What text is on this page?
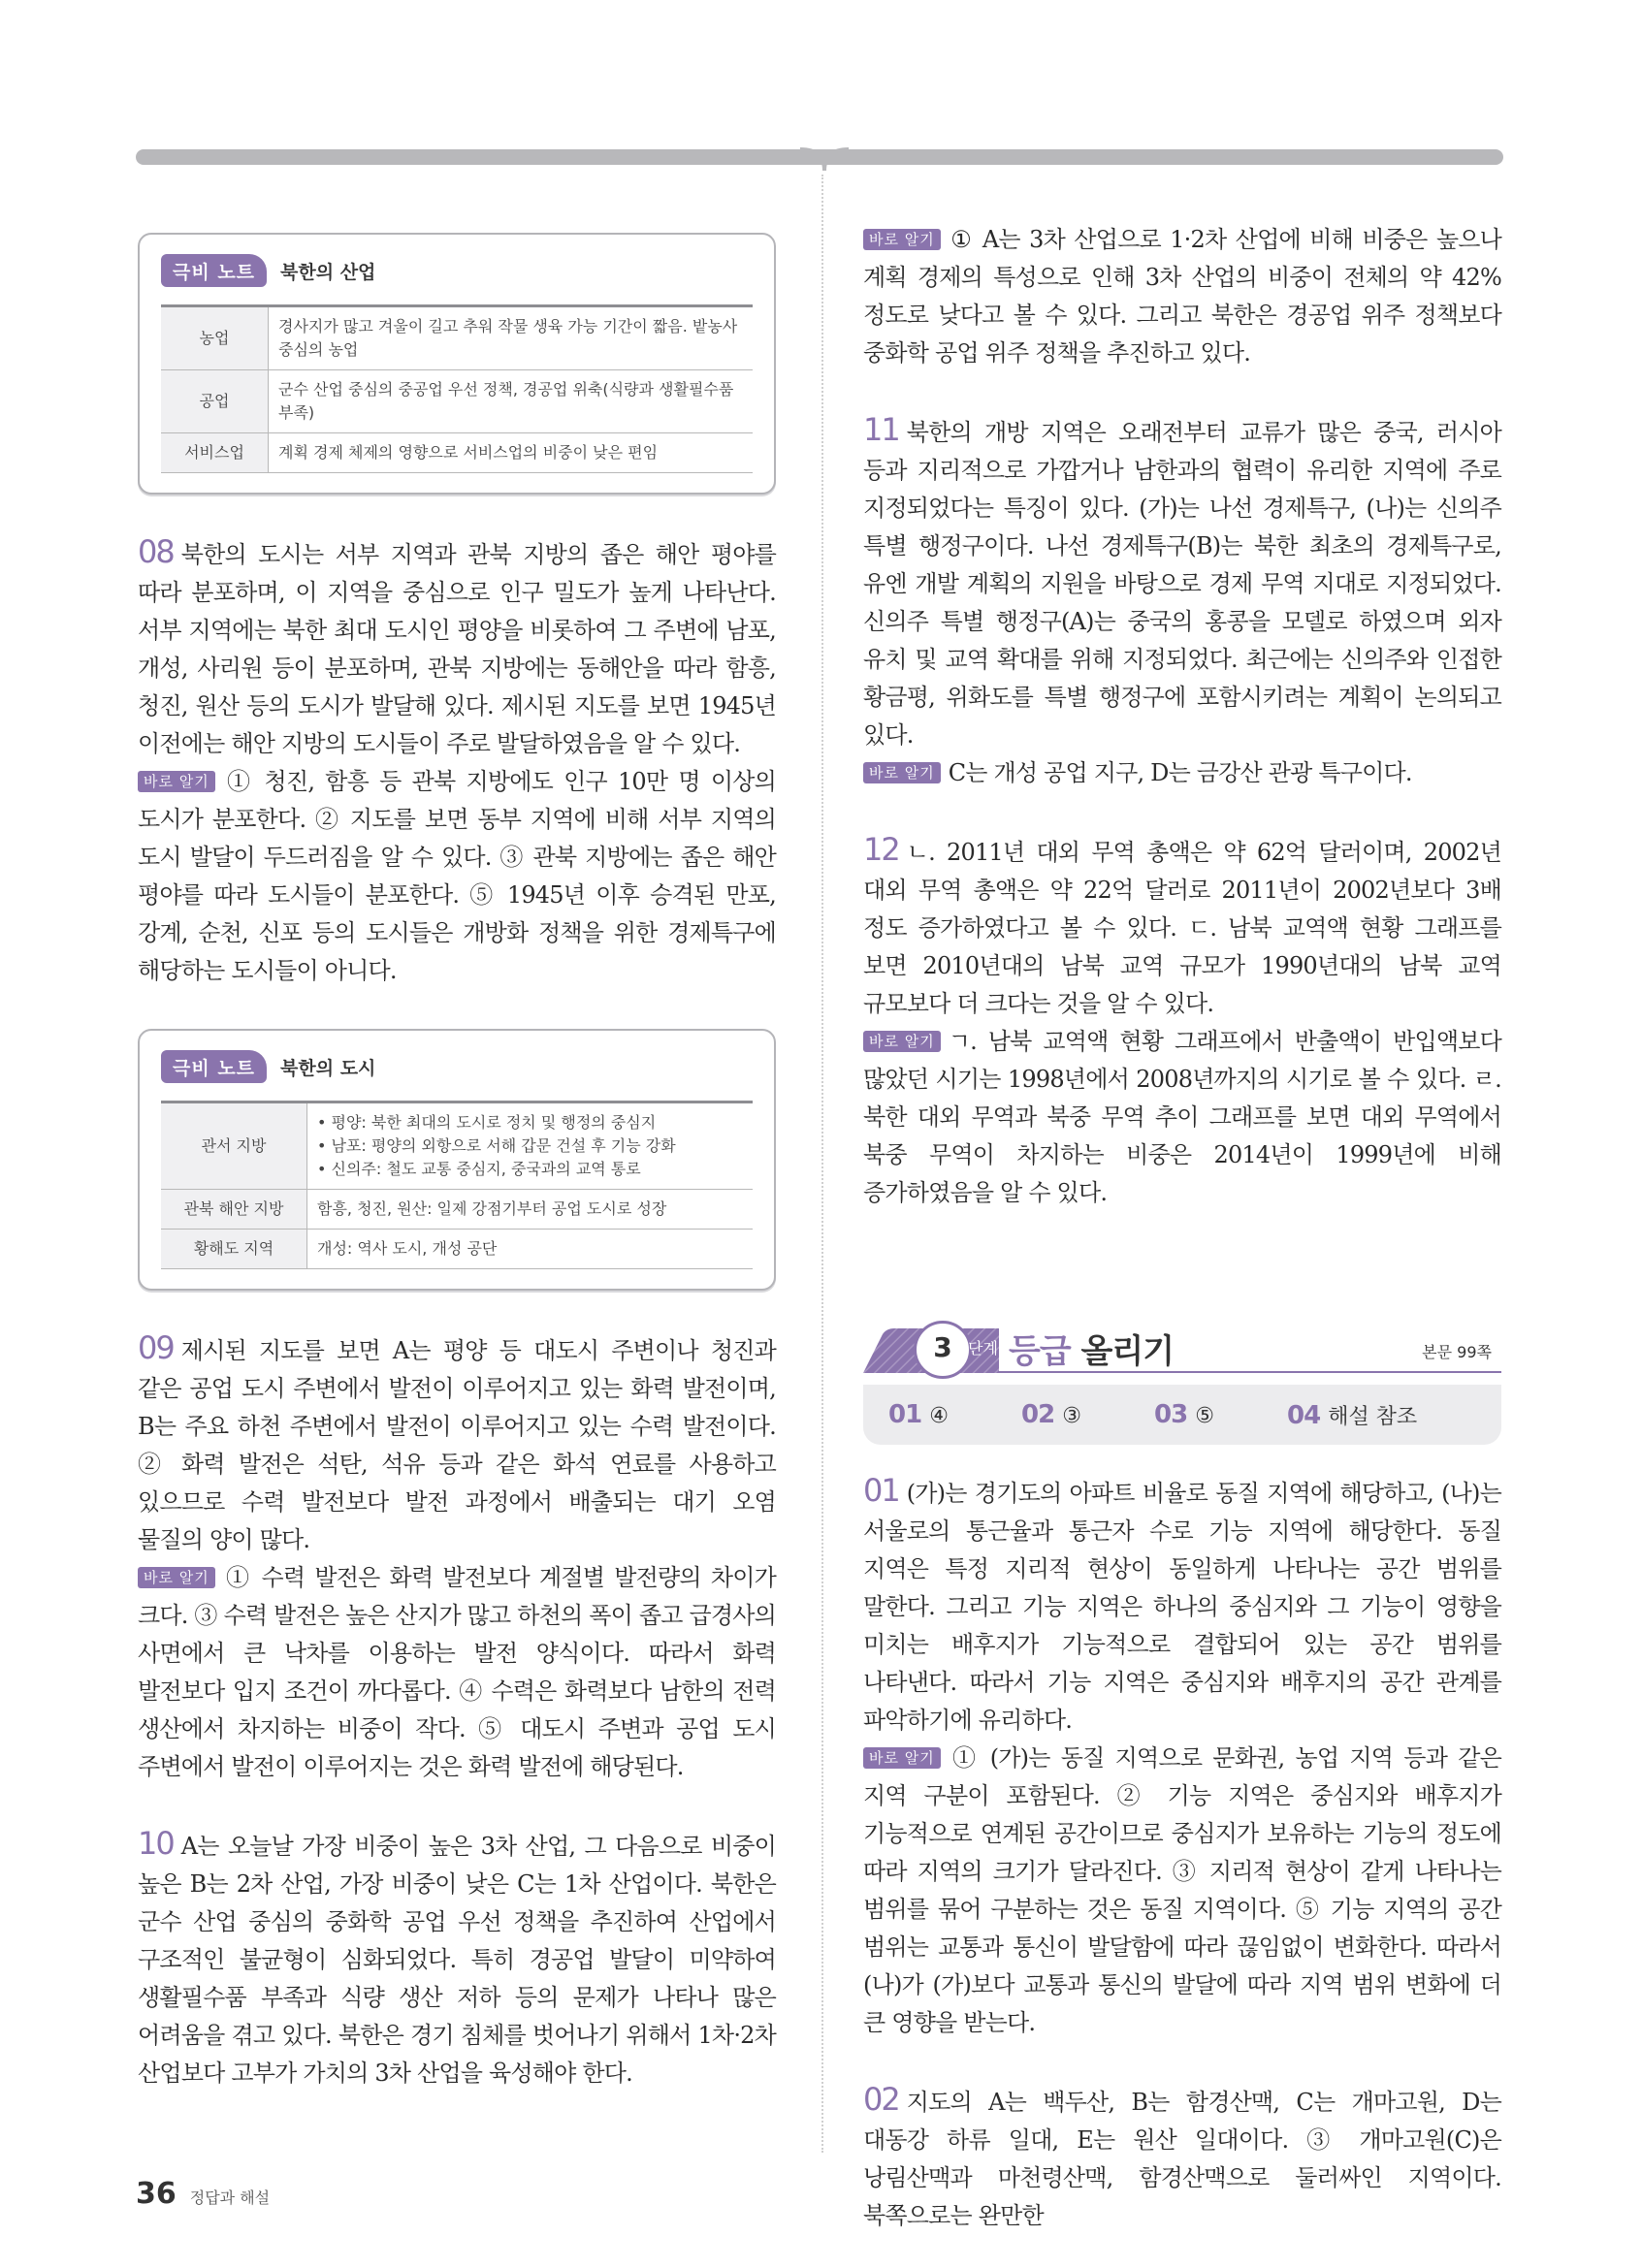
극비 노트	북한의 산업
농업	경사지가 많고 겨울이 길고 추워 작물 생육 가능 기간이 짧음. 밭농사 중심의 농업
공업	군수 산업 중심의 중공업 우선 정책, 경공업 위축(식량과 생활필수품 부족)
서비스업	계획 경제 체제의 영향으로 서비스업의 비중이 낮은 편임

08 북한의 도시는 서부 지역과 관북 지방의 좁은 해안 평야를 따라 분포하며, 이 지역을 중심으로 인구 밀도가 높게 나타난다. 서부 지역에는 북한 최대 도시인 평양을 비롯하여 그 주변에 남포, 개성, 사리원 등이 분포하며, 관북 지방에는 동해안을 따라 함흥, 청진, 원산 등의 도시가 발달해 있다. 제시된 지도를 보면 1945년 이전에는 해안 지방의 도시들이 주로 발달하였음을 알 수 있다.

바로 알기 ① 청진, 함흥 등 관북 지방에도 인구 10만 명 이상의 도시가 분포한다. ② 지도를 보면 동부 지역에 비해 서부 지역의 도시 발달이 두드러짐을 알 수 있다. ③ 관북 지방에는 좁은 해안 평야를 따라 도시들이 분포한다. ⑤ 1945년 이후 승격된 만포, 강계, 순천, 신포 등의 도시들은 개방화 정책을 위한 경제특구에 해당하는 도시들이 아니다.

극비 노트	북한의 도시
관서 지방	• 평양: 북한 최대의 도시로 정치 및 행정의 중심지
• 남포: 평양의 외항으로 서해 갑문 건설 후 기능 강화
• 신의주: 철도 교통 중심지, 중국과의 교역 통로

관북 해안 지방	함흥, 청진, 원산: 일제 강점기부터 공업 도시로 성장
황해도 지역	개성: 역사 도시, 개성 공단

09 제시된 지도를 보면 A는 평양 등 대도시 주변이나 청진과 같은 공업 도시 주변에서 발전이 이루어지고 있는 화력 발전이며, B는 주요 하천 주변에서 발전이 이루어지고 있는 수력 발전이다. ② 화력 발전은 석탄, 석유 등과 같은 화석 연료를 사용하고 있으므로 수력 발전보다 발전 과정에서 배출되는 대기 오염 물질의 양이 많다.

바로 알기 ① 수력 발전은 화력 발전보다 계절별 발전량의 차이가 크다. ③ 수력 발전은 높은 산지가 많고 하천의 폭이 좁고 급경사의 사면에서 큰 낙차를 이용하는 발전 양식이다. 따라서 화력 발전보다 입지 조건이 까다롭다. ④ 수력은 화력보다 남한의 전력 생산에서 차지하는 비중이 작다. ⑤ 대도시 주변과 공업 도시 주변에서 발전이 이루어지는 것은 화력 발전에 해당된다.

10 A는 오늘날 가장 비중이 높은 3차 산업, 그 다음으로 비중이 높은 B는 2차 산업, 가장 비중이 낮은 C는 1차 산업이다. 북한은 군수 산업 중심의 중화학 공업 우선 정책을 추진하여 산업에서 구조적인 불균형이 심화되었다. 특히 경공업 발달이 미약하여 생활필수품 부족과 식량 생산 저하 등의 문제가 나타나 많은 어려움을 겪고 있다. 북한은 경기 침체를 벗어나기 위해서 1차·2차 산업보다 고부가 가치의 3차 산업을 육성해야 한다.

바로 알기 ① A는 3차 산업으로 1·2차 산업에 비해 비중은 높으나 계획 경제의 특성으로 인해 3차 산업의 비중이 전체의 약 42% 정도로 낮다고 볼 수 있다. 그리고 북한은 경공업 위주 정책보다 중화학 공업 위주 정책을 추진하고 있다.

11 북한의 개방 지역은 오래전부터 교류가 많은 중국, 러시아 등과 지리적으로 가깝거나 남한과의 협력이 유리한 지역에 주로 지정되었다는 특징이 있다. (가)는 나선 경제특구, (나)는 신의주 특별 행정구이다. 나선 경제특구(B)는 북한 최초의 경제특구로, 유엔 개발 계획의 지원을 바탕으로 경제 무역 지대로 지정되었다. 신의주 특별 행정구(A)는 중국의 홍콩을 모델로 하였으며 외자 유치 및 교역 확대를 위해 지정되었다. 최근에는 신의주와 인접한 황금평, 위화도를 특별 행정구에 포함시키려는 계획이 논의되고 있다.

바로 알기 C는 개성 공업 지구, D는 금강산 관광 특구이다.

12 ㄴ. 2011년 대외 무역 총액은 약 62억 달러이며, 2002년 대외 무역 총액은 약 22억 달러로 2011년이 2002년보다 3배 정도 증가하였다고 볼 수 있다. ㄷ. 남북 교역액 현황 그래프를 보면 2010년대의 남북 교역 규모가 1990년대의 남북 교역 규모보다 더 크다는 것을 알 수 있다.

바로 알기 ㄱ. 남북 교역액 현황 그래프에서 반출액이 반입액보다 많았던 시기는 1998년에서 2008년까지의 시기로 볼 수 있다. ㄹ. 북한 대외 무역과 북중 무역 추이 그래프를 보면 대외 무역에서 북중 무역이 차지하는 비중은 2014년이 1999년에 비해 증가하였음을 알 수 있다.

3	단계 등급 올리기	본문 99쪽
01 ④	02 ③	03 ⑤	04 해설 참조

01 (가)는 경기도의 아파트 비율로 동질 지역에 해당하고, (나)는 서울로의 통근율과 통근자 수로 기능 지역에 해당한다. 동질 지역은 특정 지리적 현상이 동일하게 나타나는 공간 범위를 말한다. 그리고 기능 지역은 하나의 중심지와 그 기능이 영향을 미치는 배후지가 기능적으로 결합되어 있는 공간 범위를 나타낸다. 따라서 기능 지역은 중심지와 배후지의 공간 관계를 파악하기에 유리하다.

바로 알기 ① (가)는 동질 지역으로 문화권, 농업 지역 등과 같은 지역 구분이 포함된다. ② 기능 지역은 중심지와 배후지가 기능적으로 연계된 공간이므로 중심지가 보유하는 기능의 정도에 따라 지역의 크기가 달라진다. ③ 지리적 현상이 같게 나타나는 범위를 묶어 구분하는 것은 동질 지역이다. ⑤ 기능 지역의 공간 범위는 교통과 통신이 발달함에 따라 끊임없이 변화한다. 따라서 (나)가 (가)보다 교통과 통신의 발달에 따라 지역 범위 변화에 더 큰 영향을 받는다.

02 지도의 A는 백두산, B는 함경산맥, C는 개마고원, D는 대동강 하류 일대, E는 원산 일대이다. ③ 개마고원(C)은 낭림산맥과 마천령산맥, 함경산맥으로 둘러싸인 지역이다. 북쪽으로는 완만한

36 정답과 해설
